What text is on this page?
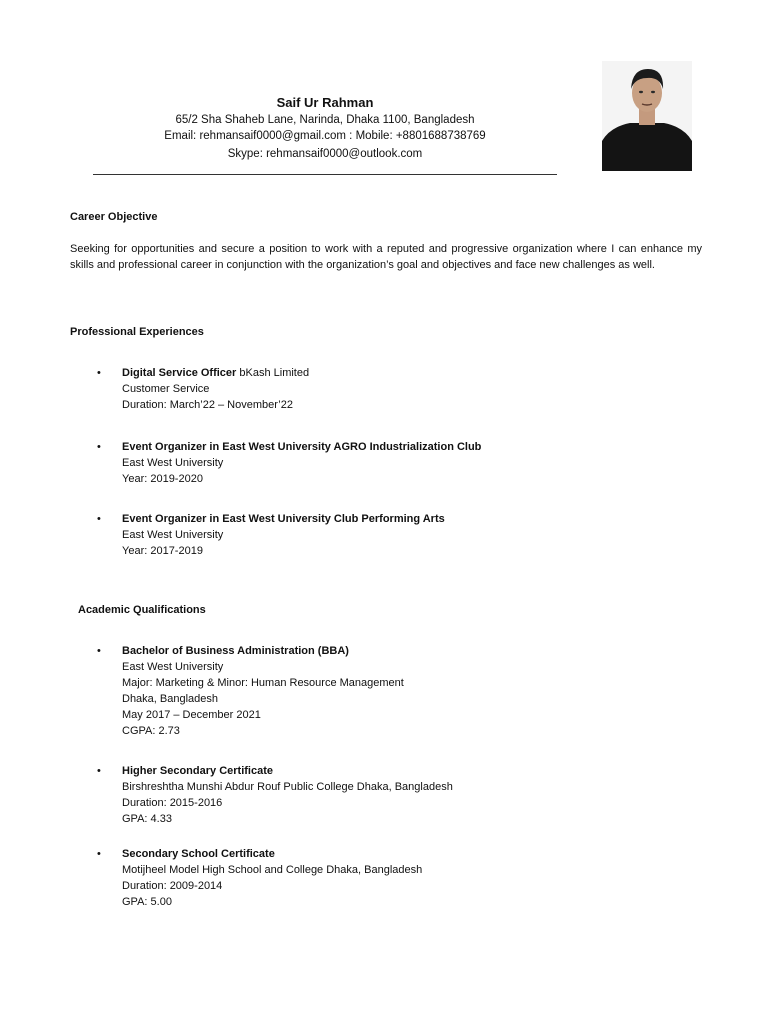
Saif Ur Rahman
65/2 Sha Shaheb Lane, Narinda, Dhaka 1100, Bangladesh
Email: rehmansaif0000@gmail.com : Mobile: +8801688738769
Skype: rehmansaif0000@outlook.com
Career Objective
Seeking for opportunities and secure a position to work with a reputed and progressive organization where I can enhance my skills and professional career in conjunction with the organization’s goal and objectives and face new challenges as well.
Professional Experiences
• Digital Service Officer bKash Limited
Customer Service
Duration: March’22 – November’22
• Event Organizer in East West University AGRO Industrialization Club
East West University
Year: 2019-2020
• Event Organizer in East West University Club Performing Arts
East West University
Year: 2017-2019
Academic Qualifications
• Bachelor of Business Administration (BBA)
East West University
Major: Marketing & Minor: Human Resource Management
Dhaka, Bangladesh
May 2017 – December 2021
CGPA: 2.73
• Higher Secondary Certificate
Birshreshtha Munshi Abdur Rouf Public College Dhaka, Bangladesh
Duration: 2015-2016
GPA: 4.33
• Secondary School Certificate
Motijheel Model High School and College Dhaka, Bangladesh
Duration: 2009-2014
GPA: 5.00
